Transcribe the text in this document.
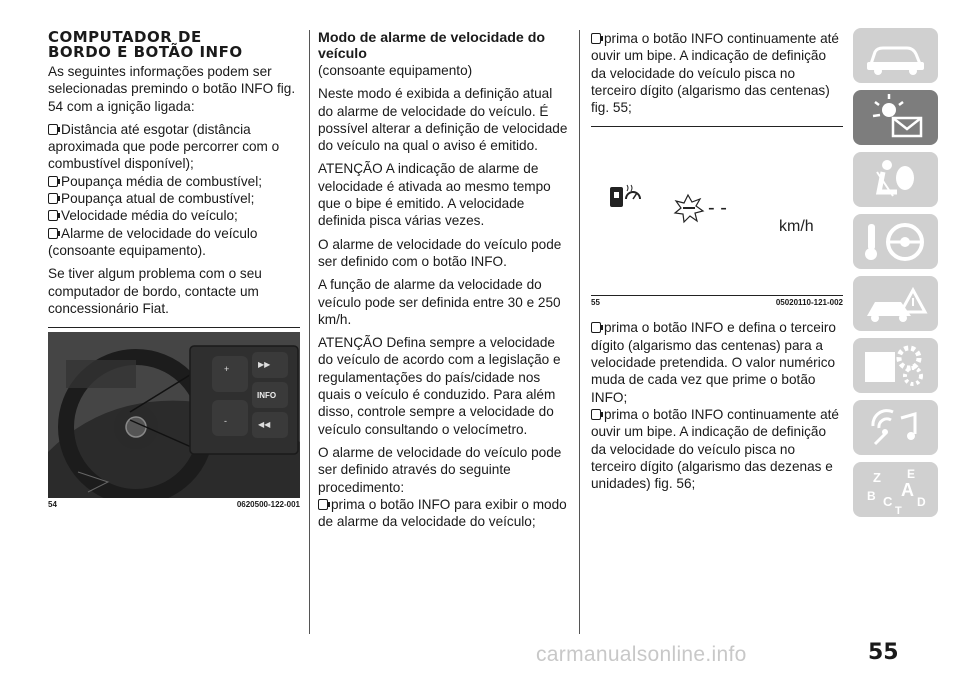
COMPUTADOR DE
BORDO E BOTÃO INFO

As seguintes informações podem ser selecionadas premindo o botão INFO fig. 54 com a ignição ligada:

Distância até esgotar (distância aproximada que pode percorrer com o combustível disponível);

Poupança média de combustível;

Poupança atual de combustível;

Velocidade média do veículo;

Alarme de velocidade do veículo (consoante equipamento).

Se tiver algum problema com o seu computador de bordo, contacte um concessionário Fiat.

+
-
▶▶
INFO
◀◀
54	0620500-122-001

Modo de alarme de velocidade do veículo

(consoante equipamento)

Neste modo é exibida a definição atual do alarme de velocidade do veículo. É possível alterar a definição de velocidade do veículo na qual o aviso é emitido.

ATENÇÃO A indicação de alarme de velocidade é ativada ao mesmo tempo que o bipe é emitido. A velocidade definida pisca várias vezes.

O alarme de velocidade do veículo pode ser definido com o botão INFO.

A função de alarme da velocidade do veículo pode ser definida entre 30 e 250 km/h.

ATENÇÃO Defina sempre a velocidade do veículo de acordo com a legislação e regulamentações do país/cidade nos quais o veículo é conduzido. Para além disso, controle sempre a velocidade do veículo consultando o velocímetro.

O alarme de velocidade do veículo pode ser definido através do seguinte procedimento:

prima o botão INFO para exibir o modo de alarme da velocidade do veículo;

prima o botão INFO continuamente até ouvir um bipe. A indicação de definição da velocidade do veículo pisca no terceiro dígito (algarismo das centenas) fig. 55;

- -
km/h
55	05020110-121-002

prima o botão INFO e defina o terceiro dígito (algarismo das centenas) para a velocidade pretendida. O valor numérico muda de cada vez que prime o botão INFO;

prima o botão INFO continuamente até ouvir um bipe. A indicação de definição da velocidade do veículo pisca no terceiro dígito (algarismo das dezenas e unidades) fig. 56;	Z E
B A
C D
T
carmanualsonline.info	55
